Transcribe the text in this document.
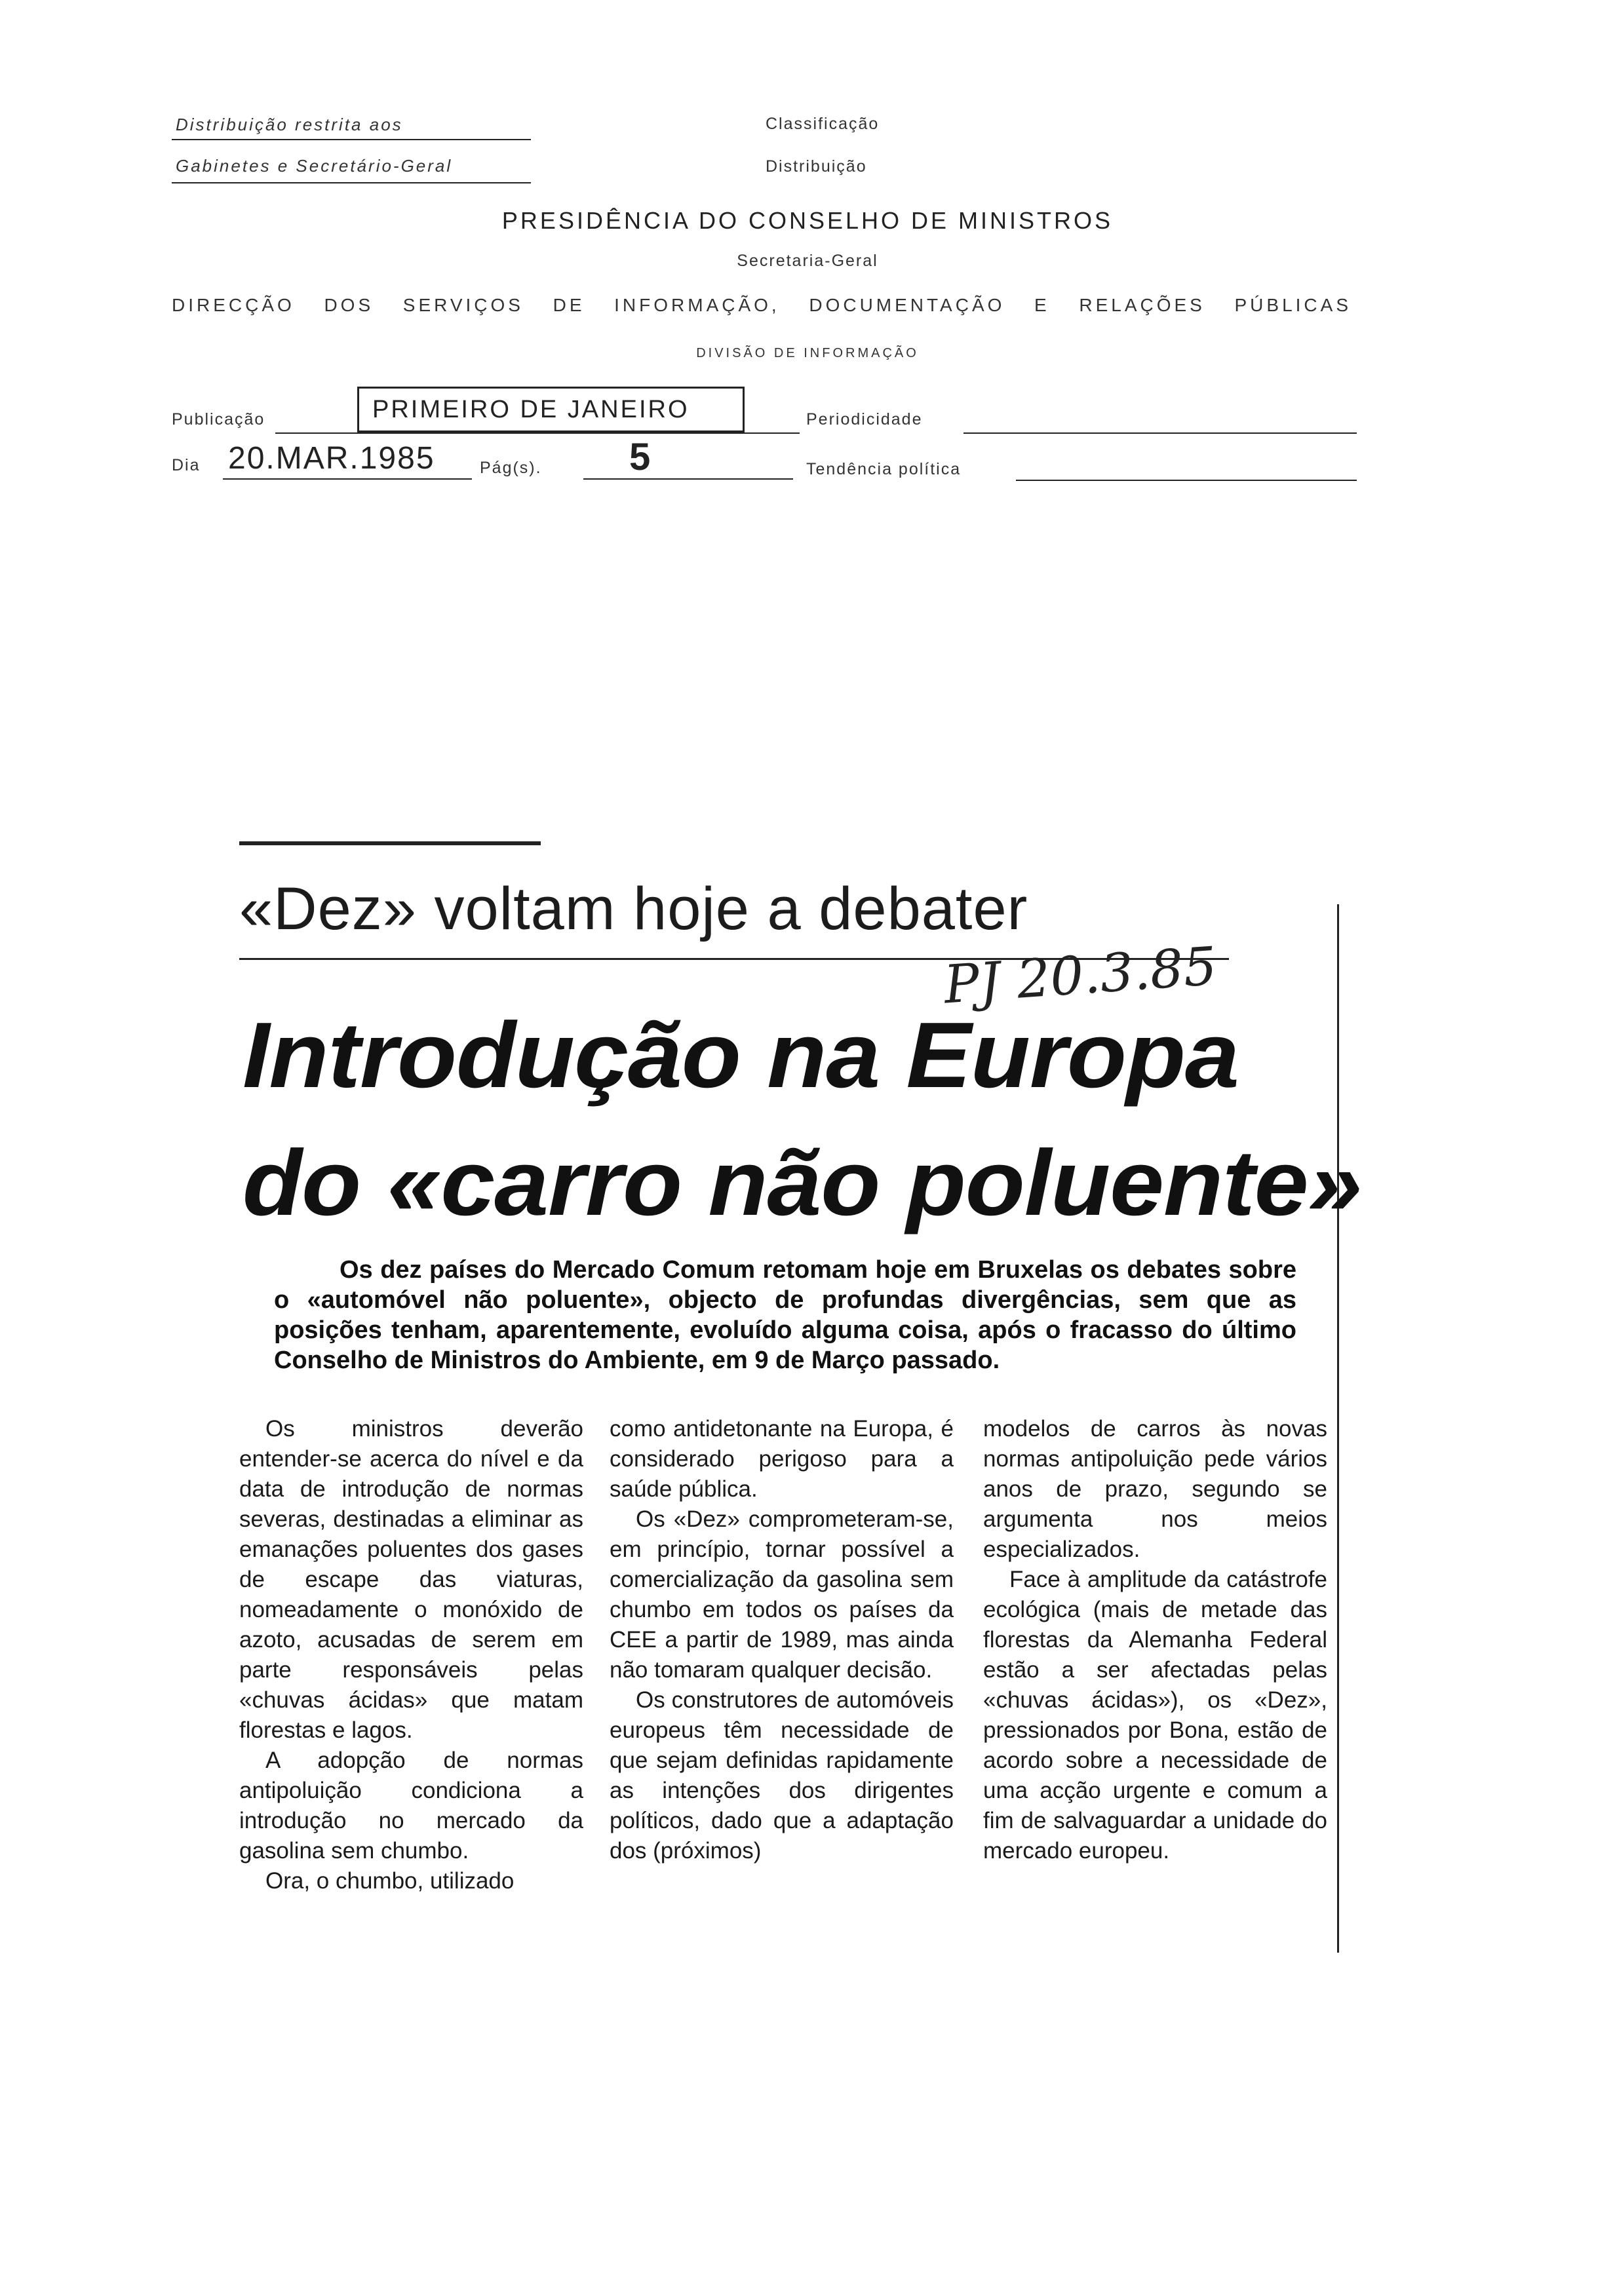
Distribuição restrita aos
Gabinetes e Secretário-Geral
Classificação
Distribuição
PRESIDÊNCIA DO CONSELHO DE MINISTROS
Secretaria-Geral
DIRECÇÃO DOS SERVIÇOS DE INFORMAÇÃO, DOCUMENTAÇÃO E RELAÇÕES PÚBLICAS
DIVISÃO DE INFORMAÇÃO
Publicação	PRIMEIRO DE JANEIRO	Periodicidade
Dia 20.MAR.1985	Pág(s). 5	Tendência política
«Dez» voltam hoje a debater
PJ 20.3.85
Introdução na Europa
do «carro não poluente»
Os dez países do Mercado Comum retomam hoje em Bruxelas os debates sobre o «automóvel não poluente», objecto de profundas divergências, sem que as posições tenham, aparentemente, evoluído alguma coisa, após o fracasso do último Conselho de Ministros do Ambiente, em 9 de Março passado.

Os ministros deverão entender-se acerca do nível e da data de introdução de normas severas, destinadas a eliminar as emanações poluentes dos gases de escape das viaturas, nomeadamente o monóxido de azoto, acusadas de serem em parte responsáveis pelas «chuvas ácidas» que matam florestas e lagos.

A adopção de normas antipoluição condiciona a introdução no mercado da gasolina sem chumbo.

Ora, o chumbo, utilizado

como antidetonante na Europa, é considerado perigoso para a saúde pública.

Os «Dez» comprometeram-se, em princípio, tornar possível a comercialização da gasolina sem chumbo em todos os países da CEE a partir de 1989, mas ainda não tomaram qualquer decisão.

Os construtores de automóveis europeus têm necessidade de que sejam definidas rapidamente as intenções dos dirigentes políticos, dado que a adaptação dos (próximos)

modelos de carros às novas normas antipoluição pede vários anos de prazo, segundo se argumenta nos meios especializados.

Face à amplitude da catástrofe ecológica (mais de metade das florestas da Alemanha Federal estão a ser afectadas pelas «chuvas ácidas»), os «Dez», pressionados por Bona, estão de acordo sobre a necessidade de uma acção urgente e comum a fim de salvaguardar a unidade do mercado europeu.
